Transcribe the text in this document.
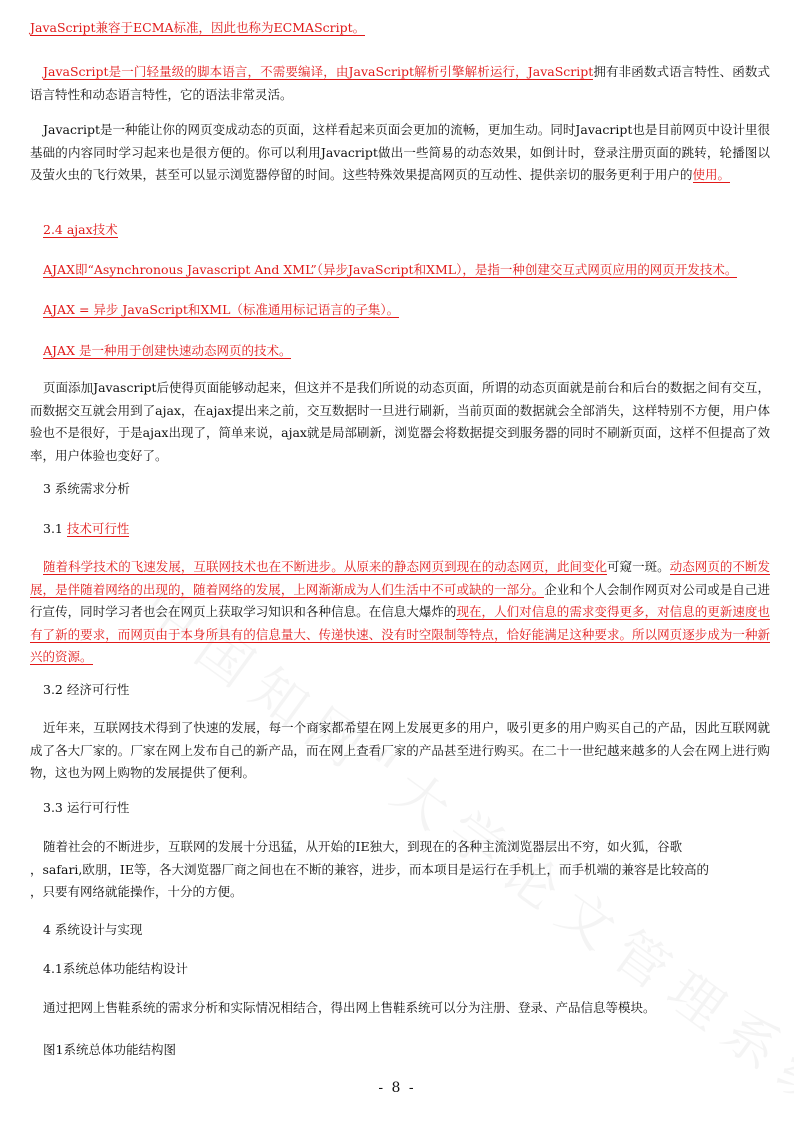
JavaScript兼容于ECMA标准，因此也称为ECMAScript。

JavaScript是一门轻量级的脚本语言，不需要编译，由JavaScript解析引擎解析运行，JavaScript拥有非函数式语言特性、函数式语言特性和动态语言特性，它的语法非常灵活。

Javacript是一种能让你的网页变成动态的页面，这样看起来页面会更加的流畅，更加生动。同时Javacript也是目前网页中设计里很基础的内容同时学习起来也是很方便的。你可以利用Javacript做出一些简易的动态效果，如倒计时，登录注册页面的跳转，轮播图以及萤火虫的飞行效果，甚至可以显示浏览器停留的时间。这些特殊效果提高网页的互动性、提供亲切的服务更利于用户的使用。

2.4 ajax技术

AJAX即“Asynchronous Javascript And XML”（异步JavaScript和XML），是指一种创建交互式网页应用的网页开发技术。

AJAX = 异步 JavaScript和XML（标准通用标记语言的子集）。

AJAX 是一种用于创建快速动态网页的技术。

页面添加Javascript后使得页面能够动起来，但这并不是我们所说的动态页面，所谓的动态页面就是前台和后台的数据之间有交互，而数据交互就会用到了ajax，在ajax提出来之前，交互数据时一旦进行刷新，当前页面的数据就会全部消失，这样特别不方便，用户体验也不是很好，于是ajax出现了，简单来说，ajax就是局部刷新，浏览器会将数据提交到服务器的同时不刷新页面，这样不但提高了效率，用户体验也变好了。

3 系统需求分析

3.1 技术可行性

随着科学技术的飞速发展，互联网技术也在不断进步。从原来的静态网页到现在的动态网页，此间变化可窥一斑。动态网页的不断发展，是伴随着网络的出现的，随着网络的发展，上网渐渐成为人们生活中不可或缺的一部分。企业和个人会制作网页对公司或是自己进行宣传，同时学习者也会在网页上获取学习知识和各种信息。在信息大爆炸的现在，人们对信息的需求变得更多，对信息的更新速度也有了新的要求，而网页由于本身所具有的信息量大、传递快速、没有时空限制等特点，恰好能满足这种要求。所以网页逐步成为一种新兴的资源。

3.2 经济可行性

近年来，互联网技术得到了快速的发展，每一个商家都希望在网上发展更多的用户，吸引更多的用户购买自己的产品，因此互联网就成了各大厂家的。厂家在网上发布自己的新产品，而在网上查看厂家的产品甚至进行购买。在二十一世纪越来越多的人会在网上进行购物，这也为网上购物的发展提供了便利。

3.3 运行可行性

随着社会的不断进步，互联网的发展十分迅猛，从开始的IE独大，到现在的各种主流浏览器层出不穷，如火狐，谷歌
，safari,欧朋，IE等，各大浏览器厂商之间也在不断的兼容，进步，而本项目是运行在手机上，而手机端的兼容是比较高的
，只要有网络就能操作，十分的方便。

4 系统设计与实现

4.1系统总体功能结构设计

通过把网上售鞋系统的需求分析和实际情况相结合，得出网上售鞋系统可以分为注册、登录、产品信息等模块。

图1系统总体功能结构图

- 8 -
